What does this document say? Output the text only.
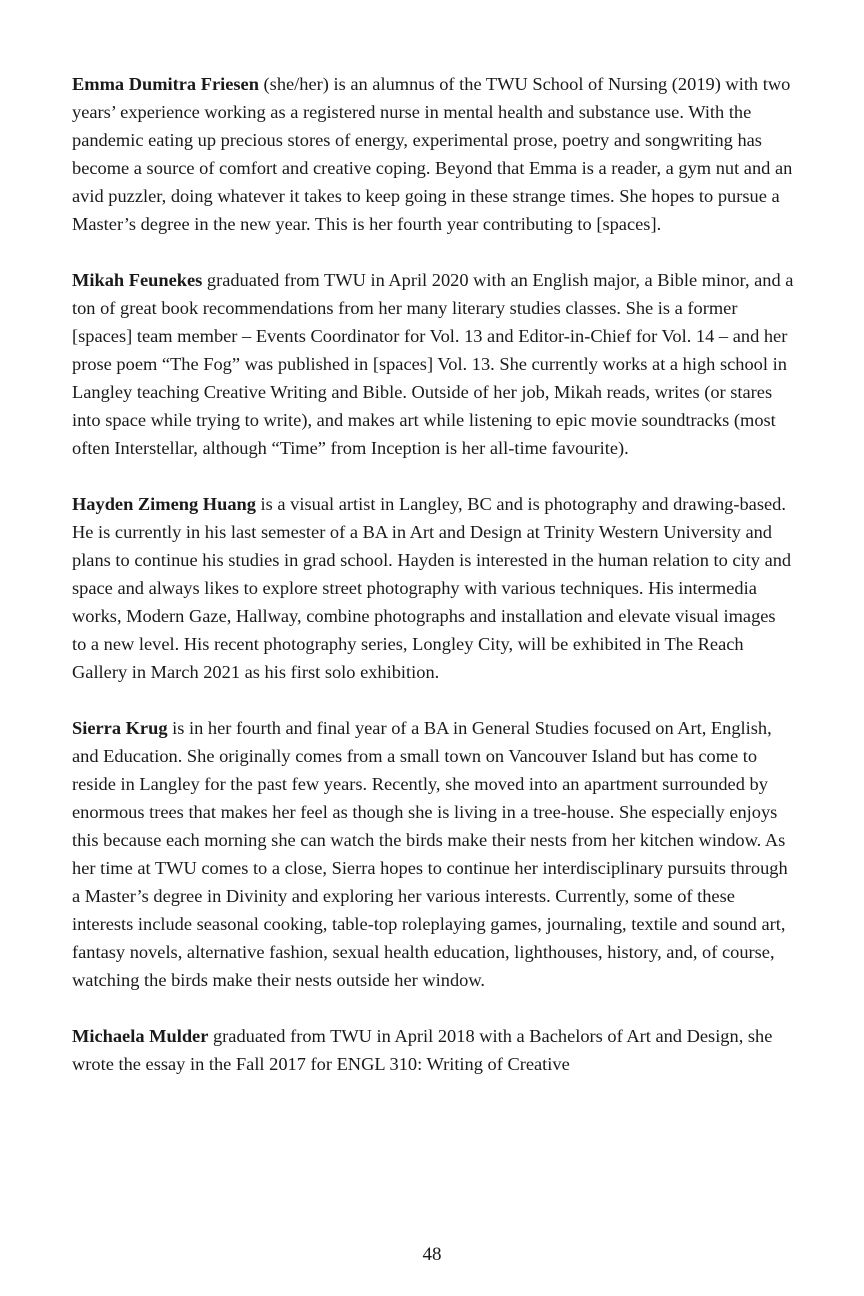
Emma Dumitra Friesen (she/her) is an alumnus of the TWU School of Nursing (2019) with two years’ experience working as a registered nurse in mental health and substance use. With the pandemic eating up precious stores of energy, experimental prose, poetry and songwriting has become a source of comfort and creative coping. Beyond that Emma is a reader, a gym nut and an avid puzzler, doing whatever it takes to keep going in these strange times. She hopes to pursue a Master’s degree in the new year. This is her fourth year contributing to [spaces].

Mikah Feunekes graduated from TWU in April 2020 with an English major, a Bible minor, and a ton of great book recommendations from her many literary studies classes. She is a former [spaces] team member – Events Coordinator for Vol. 13 and Editor-in-Chief for Vol. 14 – and her prose poem “The Fog” was published in [spaces] Vol. 13. She currently works at a high school in Langley teaching Creative Writing and Bible. Outside of her job, Mikah reads, writes (or stares into space while trying to write), and makes art while listening to epic movie soundtracks (most often Interstellar, although “Time” from Inception is her all-time favourite).

Hayden Zimeng Huang is a visual artist in Langley, BC and is photography and drawing-based. He is currently in his last semester of a BA in Art and Design at Trinity Western University and plans to continue his studies in grad school. Hayden is interested in the human relation to city and space and always likes to explore street photography with various techniques. His intermedia works, Modern Gaze, Hallway, combine photographs and installation and elevate visual images to a new level. His recent photography series, Longley City, will be exhibited in The Reach Gallery in March 2021 as his first solo exhibition.

Sierra Krug is in her fourth and final year of a BA in General Studies focused on Art, English, and Education. She originally comes from a small town on Vancouver Island but has come to reside in Langley for the past few years. Recently, she moved into an apartment surrounded by enormous trees that makes her feel as though she is living in a tree-house. She especially enjoys this because each morning she can watch the birds make their nests from her kitchen window. As her time at TWU comes to a close, Sierra hopes to continue her interdisciplinary pursuits through a Master’s degree in Divinity and exploring her various interests. Currently, some of these interests include seasonal cooking, table-top roleplaying games, journaling, textile and sound art, fantasy novels, alternative fashion, sexual health education, lighthouses, history, and, of course, watching the birds make their nests outside her window.

Michaela Mulder graduated from TWU in April 2018 with a Bachelors of Art and Design, she wrote the essay in the Fall 2017 for ENGL 310: Writing of Creative

48
